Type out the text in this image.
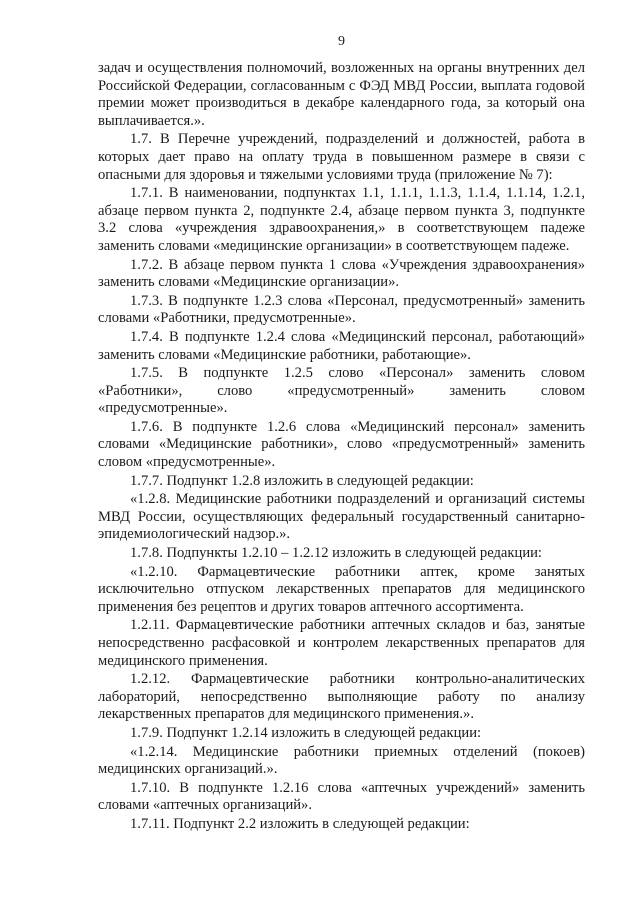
9

задач и осуществления полномочий, возложенных на органы внутренних дел Российской Федерации, согласованным с ФЭД МВД России, выплата годовой премии может производиться в декабре календарного года, за который она выплачивается.».

1.7. В Перечне учреждений, подразделений и должностей, работа в которых дает право на оплату труда в повышенном размере в связи с опасными для здоровья и тяжелыми условиями труда (приложение № 7):

1.7.1. В наименовании, подпунктах 1.1, 1.1.1, 1.1.3, 1.1.4, 1.1.14, 1.2.1, абзаце первом пункта 2, подпункте 2.4, абзаце первом пункта 3, подпункте 3.2 слова «учреждения здравоохранения,» в соответствующем падеже заменить словами «медицинские организации» в соответствующем падеже.

1.7.2. В абзаце первом пункта 1 слова «Учреждения здравоохранения» заменить словами «Медицинские организации».

1.7.3. В подпункте 1.2.3 слова «Персонал, предусмотренный» заменить словами «Работники, предусмотренные».

1.7.4. В подпункте 1.2.4 слова «Медицинский персонал, работающий» заменить словами «Медицинские работники, работающие».

1.7.5. В подпункте 1.2.5 слово «Персонал» заменить словом «Работники», слово «предусмотренный» заменить словом «предусмотренные».

1.7.6. В подпункте 1.2.6 слова «Медицинский персонал» заменить словами «Медицинские работники», слово «предусмотренный» заменить словом «предусмотренные».

1.7.7. Подпункт 1.2.8 изложить в следующей редакции:

«1.2.8. Медицинские работники подразделений и организаций системы МВД России, осуществляющих федеральный государственный санитарно-эпидемиологический надзор.».

1.7.8. Подпункты 1.2.10 – 1.2.12 изложить в следующей редакции:

«1.2.10. Фармацевтические работники аптек, кроме занятых исключительно отпуском лекарственных препаратов для медицинского применения без рецептов и других товаров аптечного ассортимента.

1.2.11. Фармацевтические работники аптечных складов и баз, занятые непосредственно расфасовкой и контролем лекарственных препаратов для медицинского применения.

1.2.12. Фармацевтические работники контрольно-аналитических лабораторий, непосредственно выполняющие работу по анализу лекарственных препаратов для медицинского применения.».

1.7.9. Подпункт 1.2.14 изложить в следующей редакции:

«1.2.14. Медицинские работники приемных отделений (покоев) медицинских организаций.».

1.7.10. В подпункте 1.2.16 слова «аптечных учреждений» заменить словами «аптечных организаций».

1.7.11. Подпункт 2.2 изложить в следующей редакции:
